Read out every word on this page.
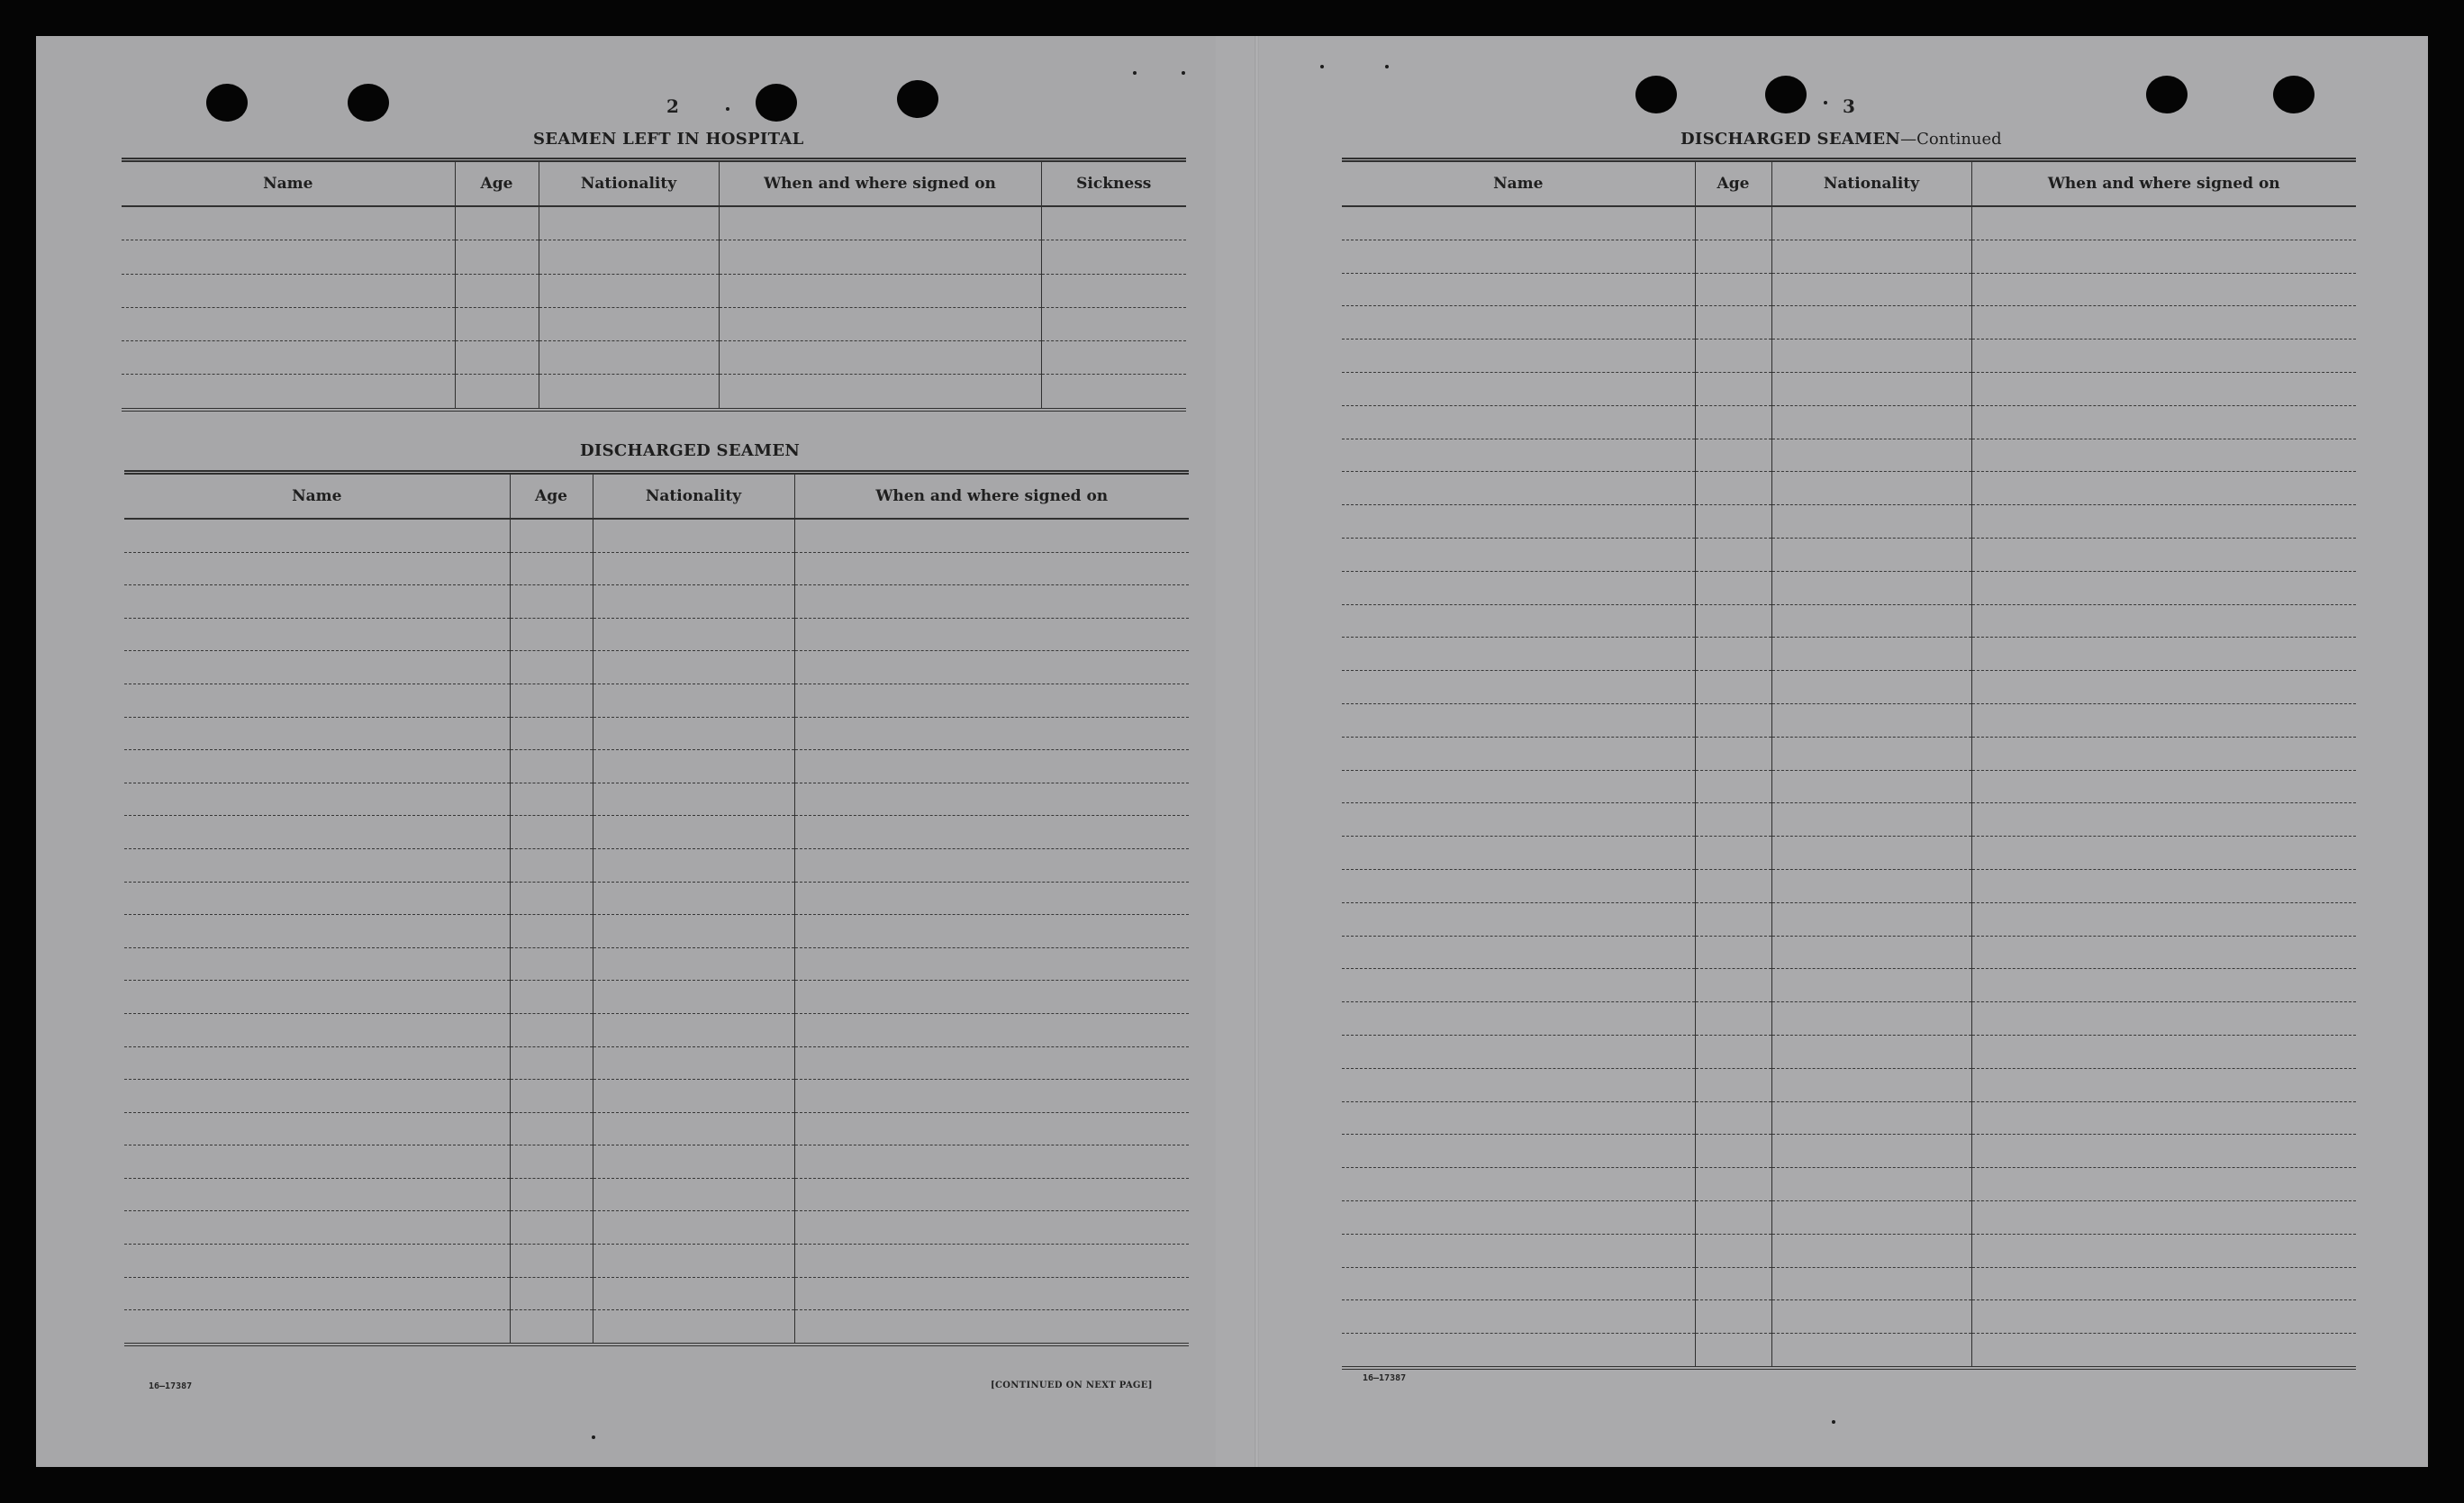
2	3
SEAMEN LEFT IN HOSPITAL
Name	Age	Nationality	When and where signed on	Sickness

DISCHARGED SEAMEN
Name	Age	Nationality	When and where signed on

16—17387	[CONTINUED ON NEXT PAGE]
DISCHARGED SEAMEN—Continued
Name	Age	Nationality	When and where signed on

16—17387
